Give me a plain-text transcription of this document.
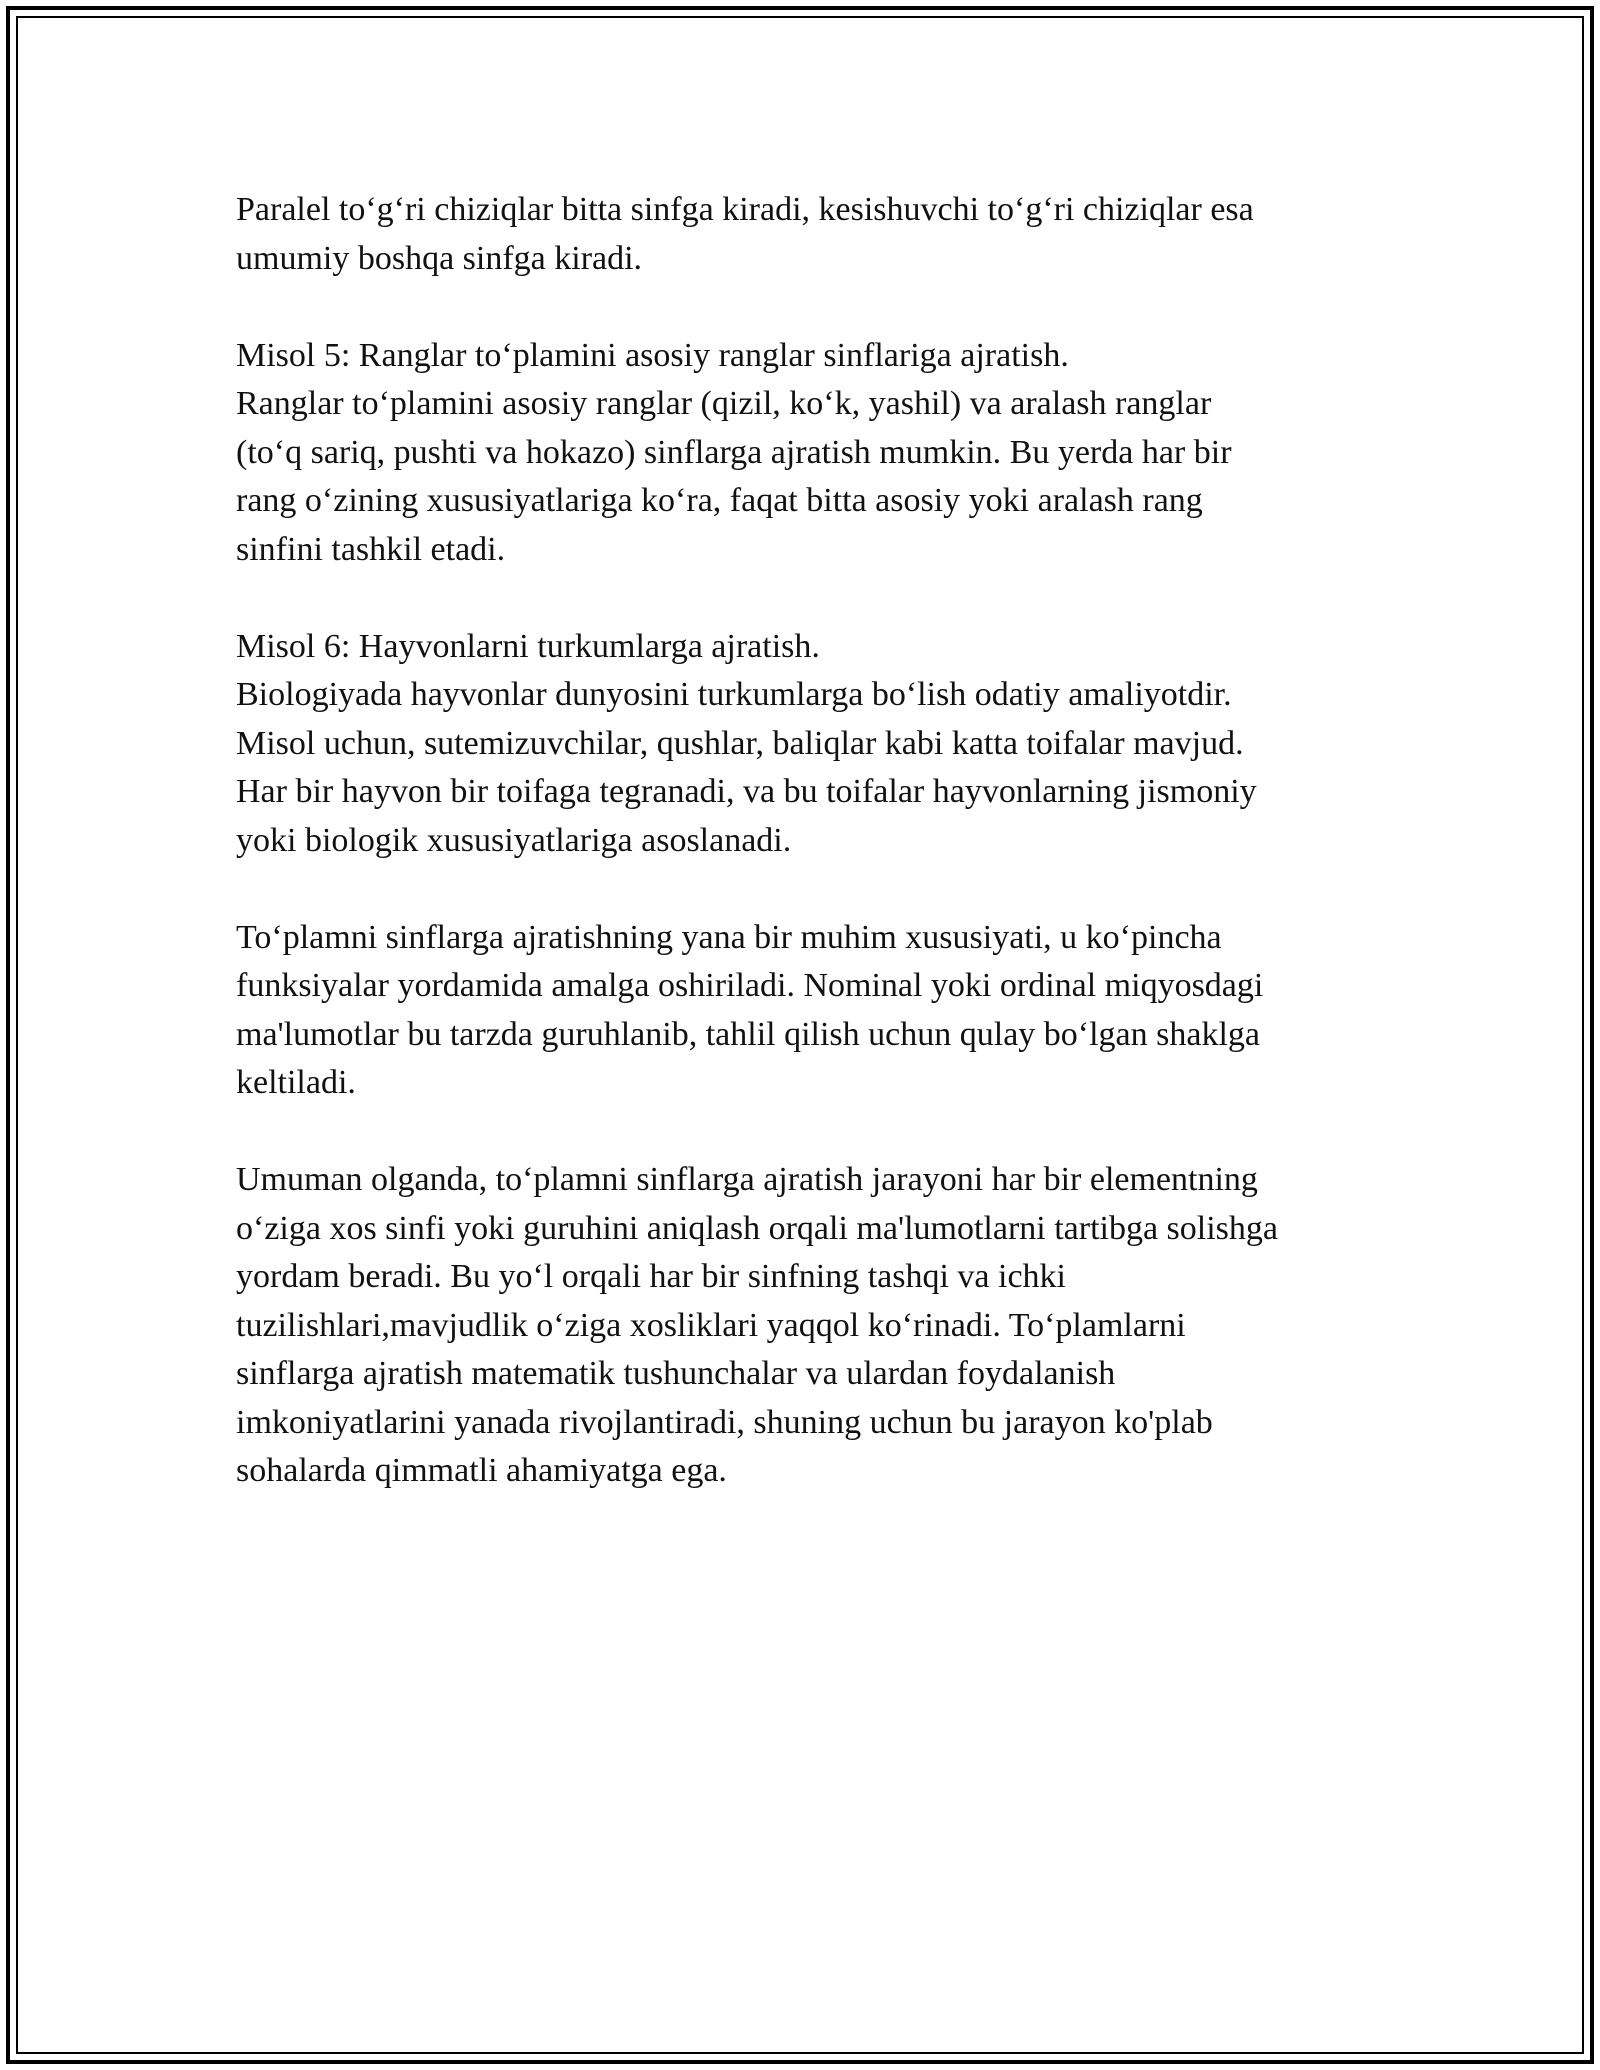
Paralel to‘g‘ri chiziqlar bitta sinfga kiradi, kesishuvchi to‘g‘ri chiziqlar esa
umumiy boshqa sinfga kiradi.

Misol 5: Ranglar to‘plamini asosiy ranglar sinflariga ajratish.
Ranglar to‘plamini asosiy ranglar (qizil, ko‘k, yashil) va aralash ranglar
(to‘q sariq, pushti va hokazo) sinflarga ajratish mumkin. Bu yerda har bir
rang o‘zining xususiyatlariga ko‘ra, faqat bitta asosiy yoki aralash rang
sinfini tashkil etadi.

Misol 6: Hayvonlarni turkumlarga ajratish.
Biologiyada hayvonlar dunyosini turkumlarga bo‘lish odatiy amaliyotdir.
Misol uchun, sutemizuvchilar, qushlar, baliqlar kabi katta toifalar mavjud.
Har bir hayvon bir toifaga tegranadi, va bu toifalar hayvonlarning jismoniy
yoki biologik xususiyatlariga asoslanadi.

To‘plamni sinflarga ajratishning yana bir muhim xususiyati, u ko‘pincha
funksiyalar yordamida amalga oshiriladi. Nominal yoki ordinal miqyosdagi
ma'lumotlar bu tarzda guruhlanib, tahlil qilish uchun qulay bo‘lgan shaklga
keltiladi.

Umuman olganda, to‘plamni sinflarga ajratish jarayoni har bir elementning
o‘ziga xos sinfi yoki guruhini aniqlash orqali ma'lumotlarni tartibga solishga
yordam beradi. Bu yo‘l orqali har bir sinfning tashqi va ichki
tuzilishlari,mavjudlik o‘ziga xosliklari yaqqol ko‘rinadi. To‘plamlarni
sinflarga ajratish matematik tushunchalar va ulardan foydalanish
imkoniyatlarini yanada rivojlantiradi, shuning uchun bu jarayon ko'plab
sohalarda qimmatli ahamiyatga ega.
